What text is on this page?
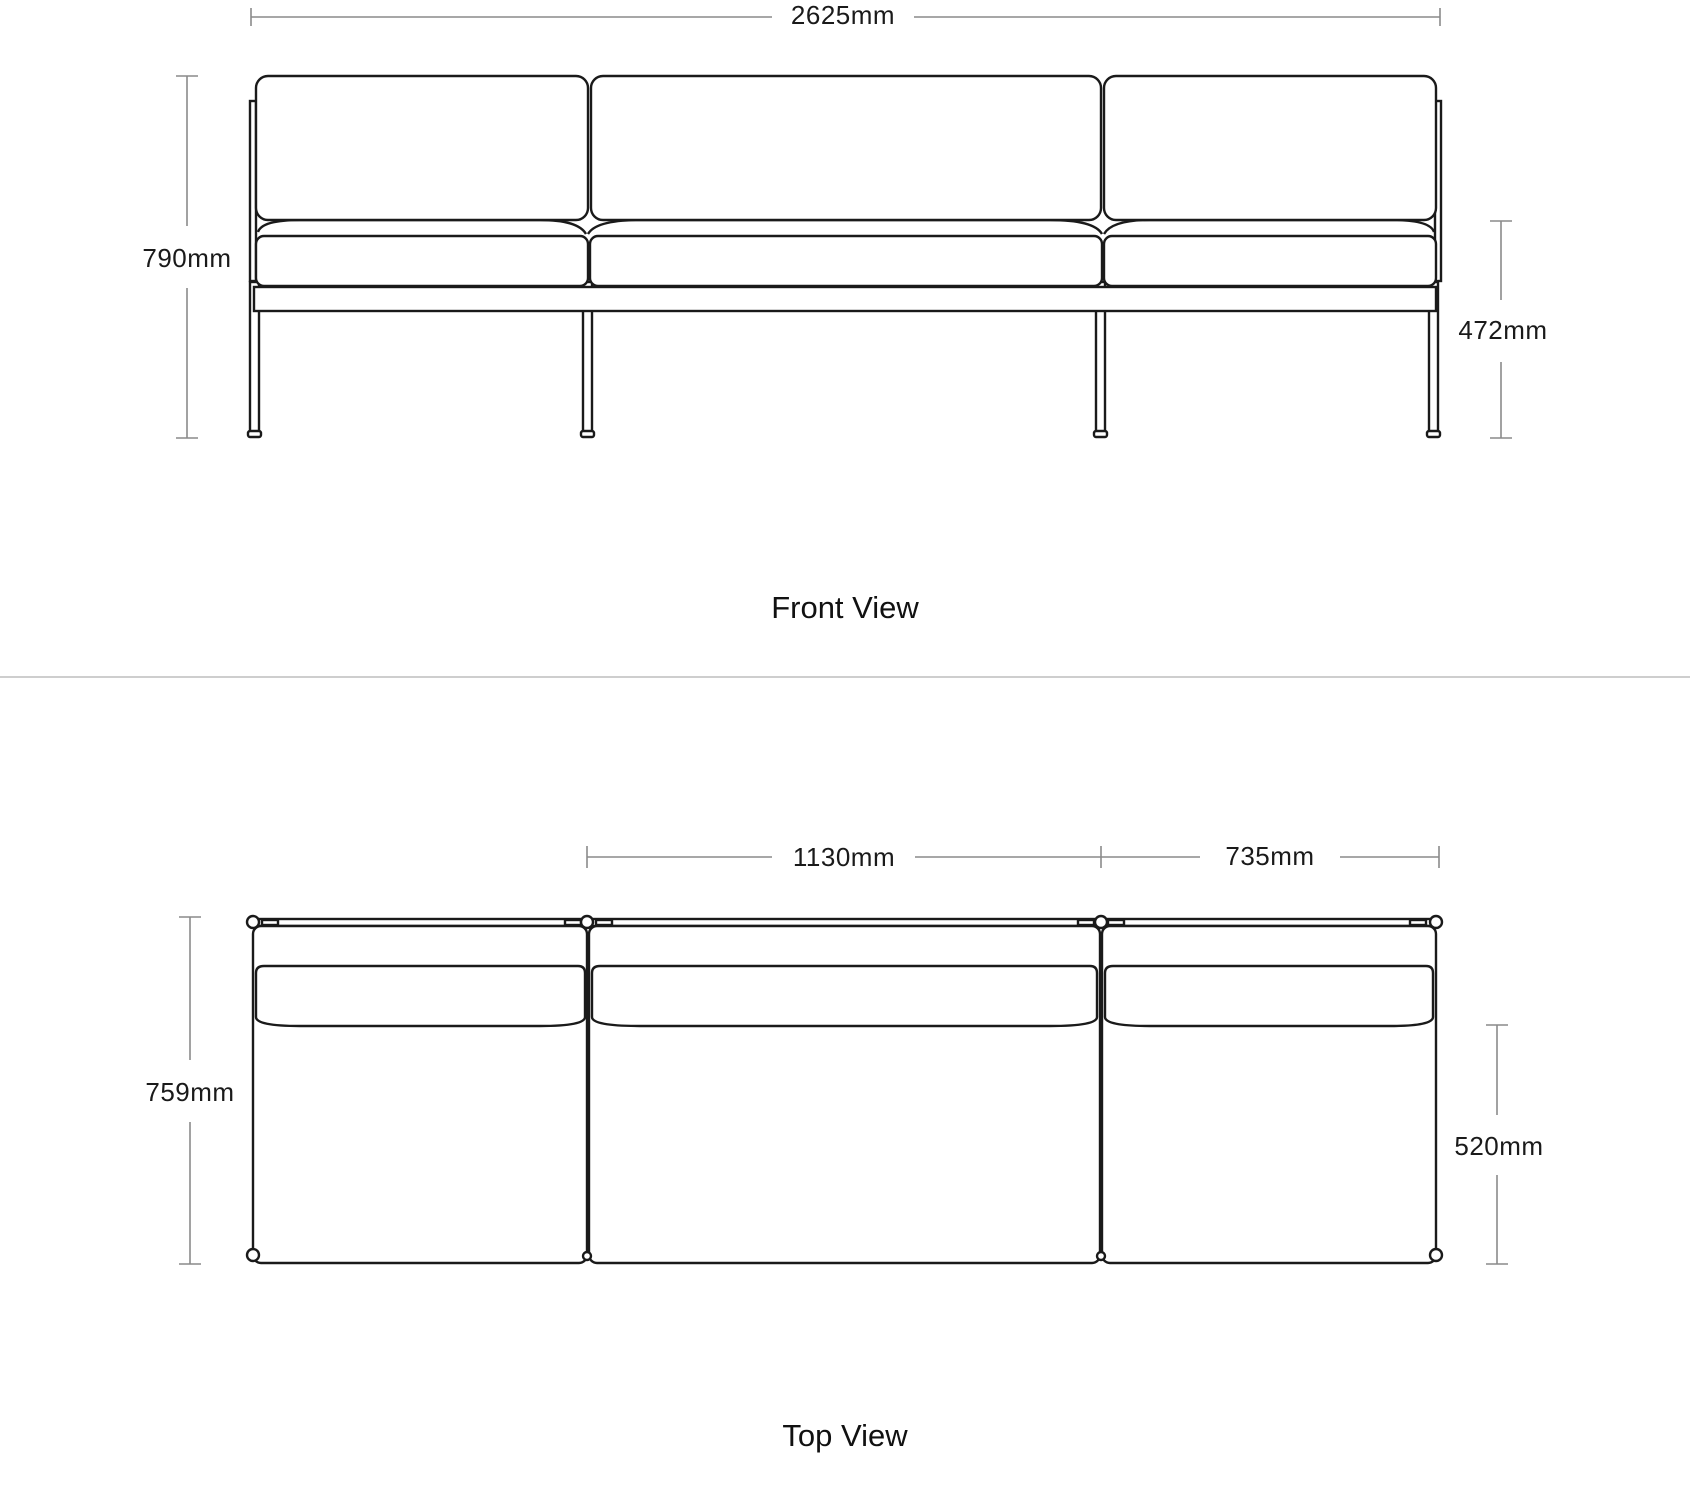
2625mm
790mm
472mm
Front View
1130mm	735mm
759mm
520mm
Top View
